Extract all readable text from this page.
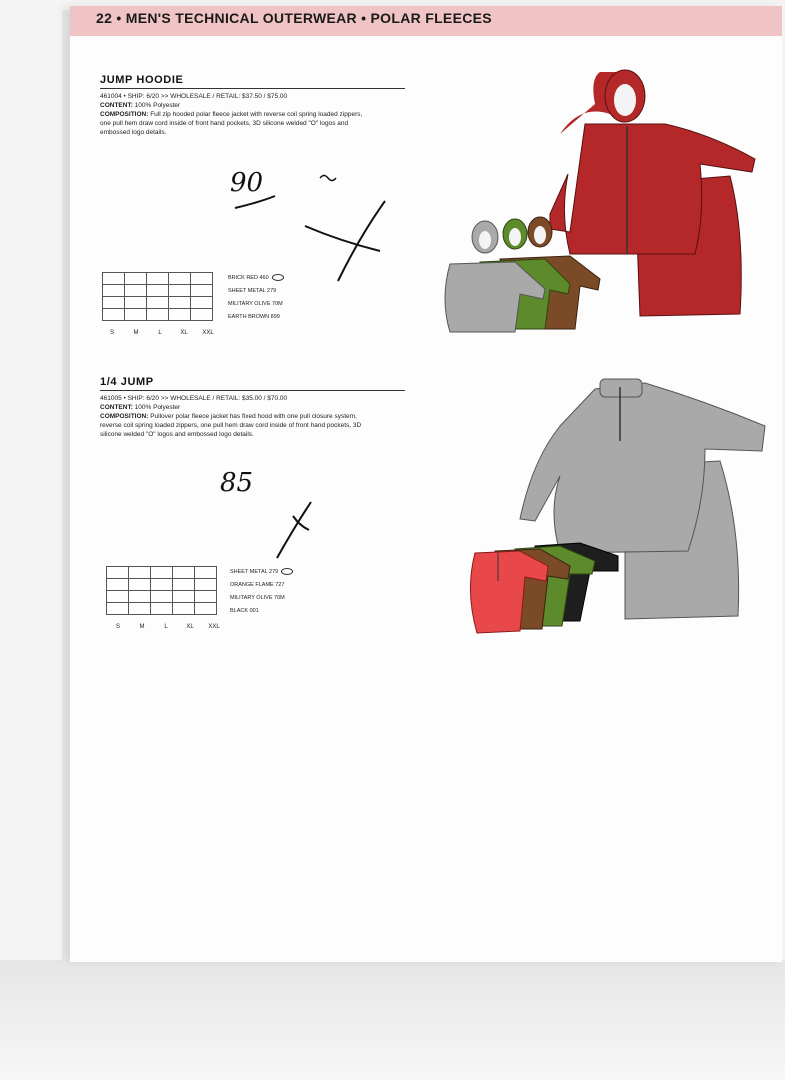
22 • MEN'S TECHNICAL OUTERWEAR • POLAR FLEECES
JUMP HOODIE
461004 • SHIP: 6/20 >> WHOLESALE / RETAIL: $37.50 / $75.00
CONTENT: 100% Polyester
COMPOSITION: Full zip hooded polar fleece jacket with reverse coil spring loaded zippers, one pull hem draw cord inside of front hand pockets, 3D silicone welded "O" logos and embossed logo details.
90

S	M	L	XL XXL
BRICK RED 460
SHEET METAL 279
MILITARY OLIVE 70M
EARTH BROWN 899
1/4 JUMP
461005 • SHIP: 6/20 >> WHOLESALE / RETAIL: $35.00 / $70.00
CONTENT: 100% Polyester
COMPOSITION: Pullover polar fleece jacket has fixed hood with one pull closure system, reverse coil spring loaded zippers, one pull hem draw cord inside of front hand pockets, 3D silicone welded "O" logos and embossed logo details.
85

S	M	L	XL XXL
SHEET METAL 279
ORANGE FLAME 727
MILITARY OLIVE 70M
BLACK 001
